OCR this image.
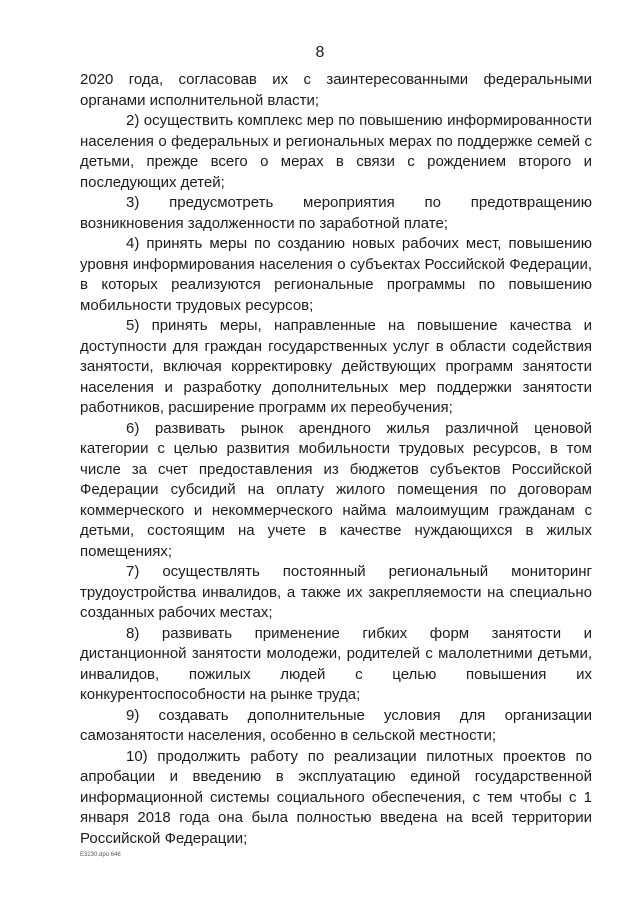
8

2020 года, согласовав их с заинтересованными федеральными органами исполнительной власти;

2) осуществить комплекс мер по повышению информированности населения о федеральных и региональных мерах по поддержке семей с детьми, прежде всего о мерах в связи с рождением второго и последующих детей;

3) предусмотреть мероприятия по предотвращению возникновения задолженности по заработной плате;

4) принять меры по созданию новых рабочих мест, повышению уровня информирования населения о субъектах Российской Федерации, в которых реализуются региональные программы по повышению мобильности трудовых ресурсов;

5) принять меры, направленные на повышение качества и доступности для граждан государственных услуг в области содействия занятости, включая корректировку действующих программ занятости населения и разработку дополнительных мер поддержки занятости работников, расширение программ их переобучения;

6) развивать рынок арендного жилья различной ценовой категории с целью развития мобильности трудовых ресурсов, в том числе за счет предоставления из бюджетов субъектов Российской Федерации субсидий на оплату жилого помещения по договорам коммерческого и некоммерческого найма малоимущим гражданам с детьми, состоящим на учете в качестве нуждающихся в жилых помещениях;

7) осуществлять постоянный региональный мониторинг трудоустройства инвалидов, а также их закрепляемости на специально созданных рабочих местах;

8) развивать применение гибких форм занятости и дистанционной занятости молодежи, родителей с малолетними детьми, инвалидов, пожилых людей с целью повышения их конкурентоспособности на рынке труда;

9) создавать дополнительные условия для организации самозанятости населения, особенно в сельской местности;

10) продолжить работу по реализации пилотных проектов по апробации и введению в эксплуатацию единой государственной информационной системы социального обеспечения, с тем чтобы с 1 января 2018 года она была полностью введена на всей территории Российской Федерации;

E3230.dpo 646
